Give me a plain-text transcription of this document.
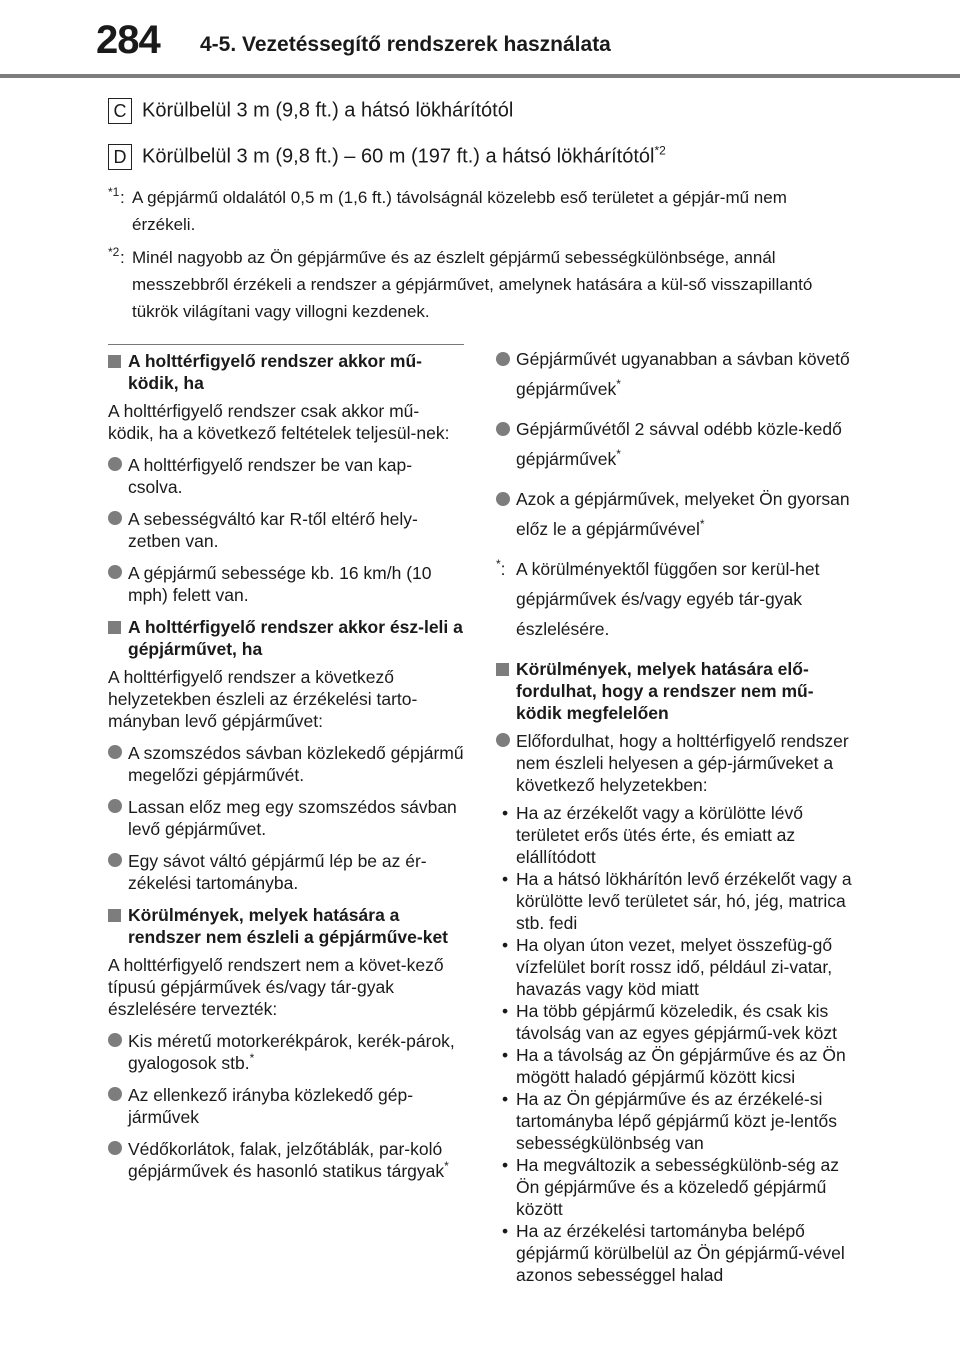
284 4-5. Vezetéssegítő rendszerek használata
C Körülbelül 3 m (9,8 ft.) a hátsó lökhárítótól
D Körülbelül 3 m (9,8 ft.) – 60 m (197 ft.) a hátsó lökhárítótól$^{*2}$
*1 : A gépjármű oldalától 0,5 m (1,6 ft.) távolságnál közelebb eső területet a gépjár-mű nem érzékeli.
*2 : Minél nagyobb az Ön gépjárműve és az észlelt gépjármű sebességkülönbsége, annál messzebbről érzékeli a rendszer a gépjárművet, amelynek hatására a kül-ső visszapillantó tükrök világítani vagy villogni kezdenek.
A holttérfigyelő rendszer akkor mű-ködik, ha
A holttérfigyelő rendszer csak akkor mű-ködik, ha a következő feltételek teljesül-nek:
A holttérfigyelő rendszer be van kap-csolva.
A sebességváltó kar R-től eltérő hely-zetben van.
A gépjármű sebessége kb. 16 km/h (10 mph) felett van.
A holttérfigyelő rendszer akkor ész-leli a gépjárművet, ha
A holttérfigyelő rendszer a következő helyzetekben észleli az érzékelési tarto-mányban levő gépjárművet:
A szomszédos sávban közlekedő gépjármű megelőzi gépjárművét.
Lassan előz meg egy szomszédos sávban levő gépjárművet.
Egy sávot váltó gépjármű lép be az ér-zékelési tartományba.
Körülmények, melyek hatására a rendszer nem észleli a gépjárműve-ket
A holttérfigyelő rendszert nem a követ-kező típusú gépjárművek és/vagy tár-gyak észlelésére tervezték:
Kis méretű motorkerékpárok, kerék-párok, gyalogosok stb.*
Az ellenkező irányba közlekedő gép-járművek
Védőkorlátok, falak, jelzőtáblák, par-koló gépjárművek és hasonló statikus tárgyak*
Gépjárművét ugyanabban a sávban követő gépjárművek*
Gépjárművétől 2 sávval odébb közle-kedő gépjárművek*
Azok a gépjárművek, melyeket Ön gyorsan előz le a gépjárművével*
*: A körülményektől függően sor kerül-het gépjárművek és/vagy egyéb tár-gyak észlelésére.
Körülmények, melyek hatására elő-fordulhat, hogy a rendszer nem mű-ködik megfelelően
Előfordulhat, hogy a holttérfigyelő rendszer nem észleli helyesen a gép-járműveket a következő helyzetekben:
• Ha az érzékelőt vagy a körülötte lévő területet erős ütés érte, és emiatt az elállítódott
• Ha a hátsó lökhárítón levő érzékelőt vagy a körülötte levő területet sár, hó, jég, matrica stb. fedi
• Ha olyan úton vezet, melyet összefüg-gő vízfelület borít rossz idő, például zi-vatar, havazás vagy köd miatt
• Ha több gépjármű közeledik, és csak kis távolság van az egyes gépjármű-vek közt
• Ha a távolság az Ön gépjárműve és az Ön mögött haladó gépjármű között kicsi
• Ha az Ön gépjárműve és az érzékelé-si tartományba lépő gépjármű közt je-lentős sebességkülönbség van
• Ha megváltozik a sebességkülönb-ség az Ön gépjárműve és a közeledő gépjármű között
• Ha az érzékelési tartományba belépő gépjármű körülbelül az Ön gépjármű-vével azonos sebességgel halad
